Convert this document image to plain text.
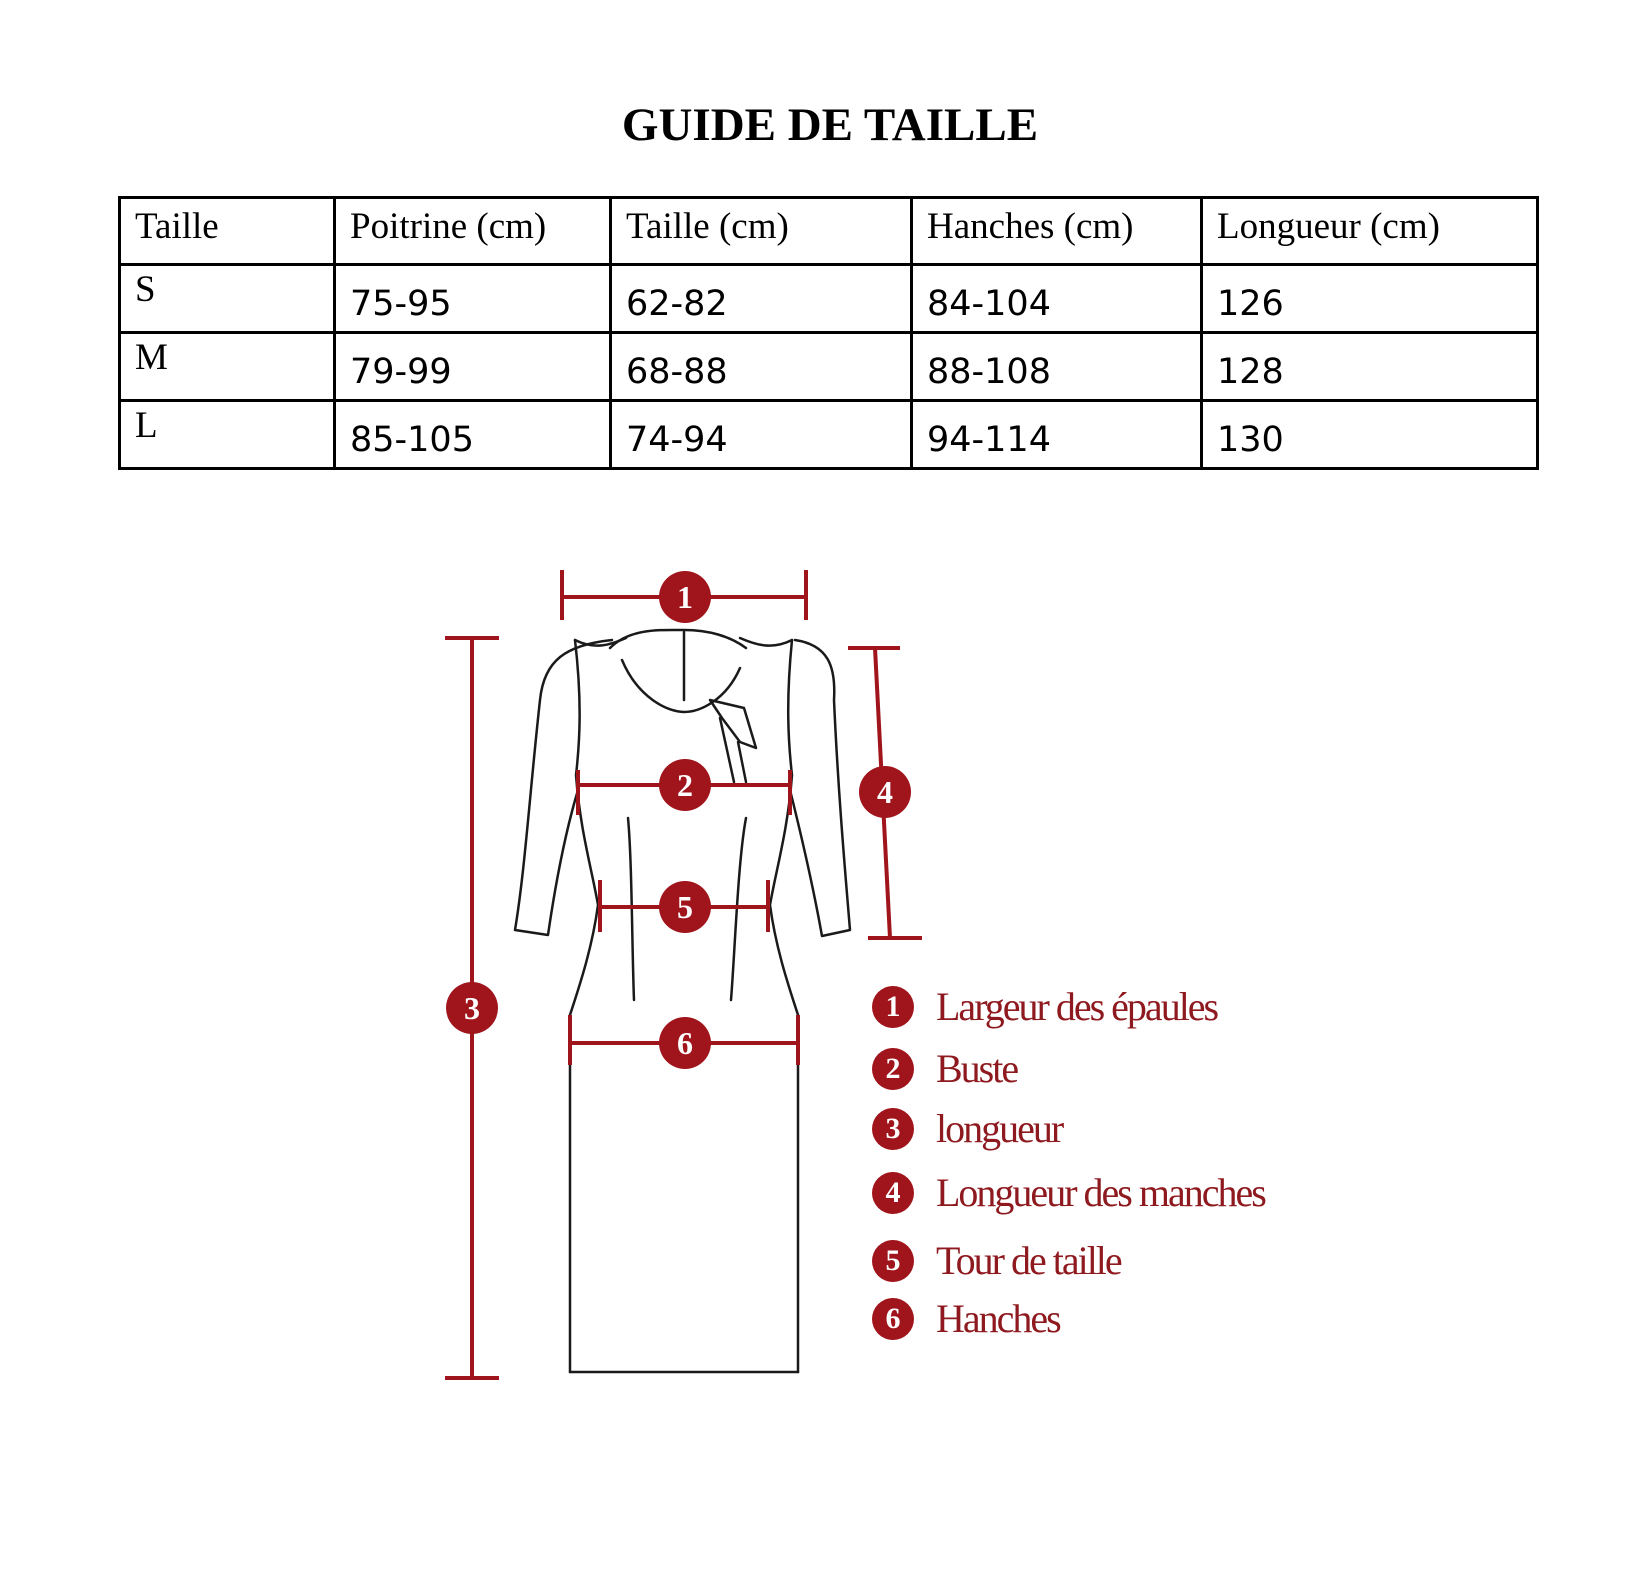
GUIDE DE TAILLE
Taille	Poitrine (cm)	Taille (cm)	Hanches (cm)	Longueur (cm)
S	75-95	62-82	84-104	126
M	79-99	68-88	88-108	128
L	85-105	74-94	94-114	130
1
2
3
4
5
6
1 Largeur des épaules
2 Buste
3 longueur
4 Longueur des manches
5 Tour de taille
6 Hanches
